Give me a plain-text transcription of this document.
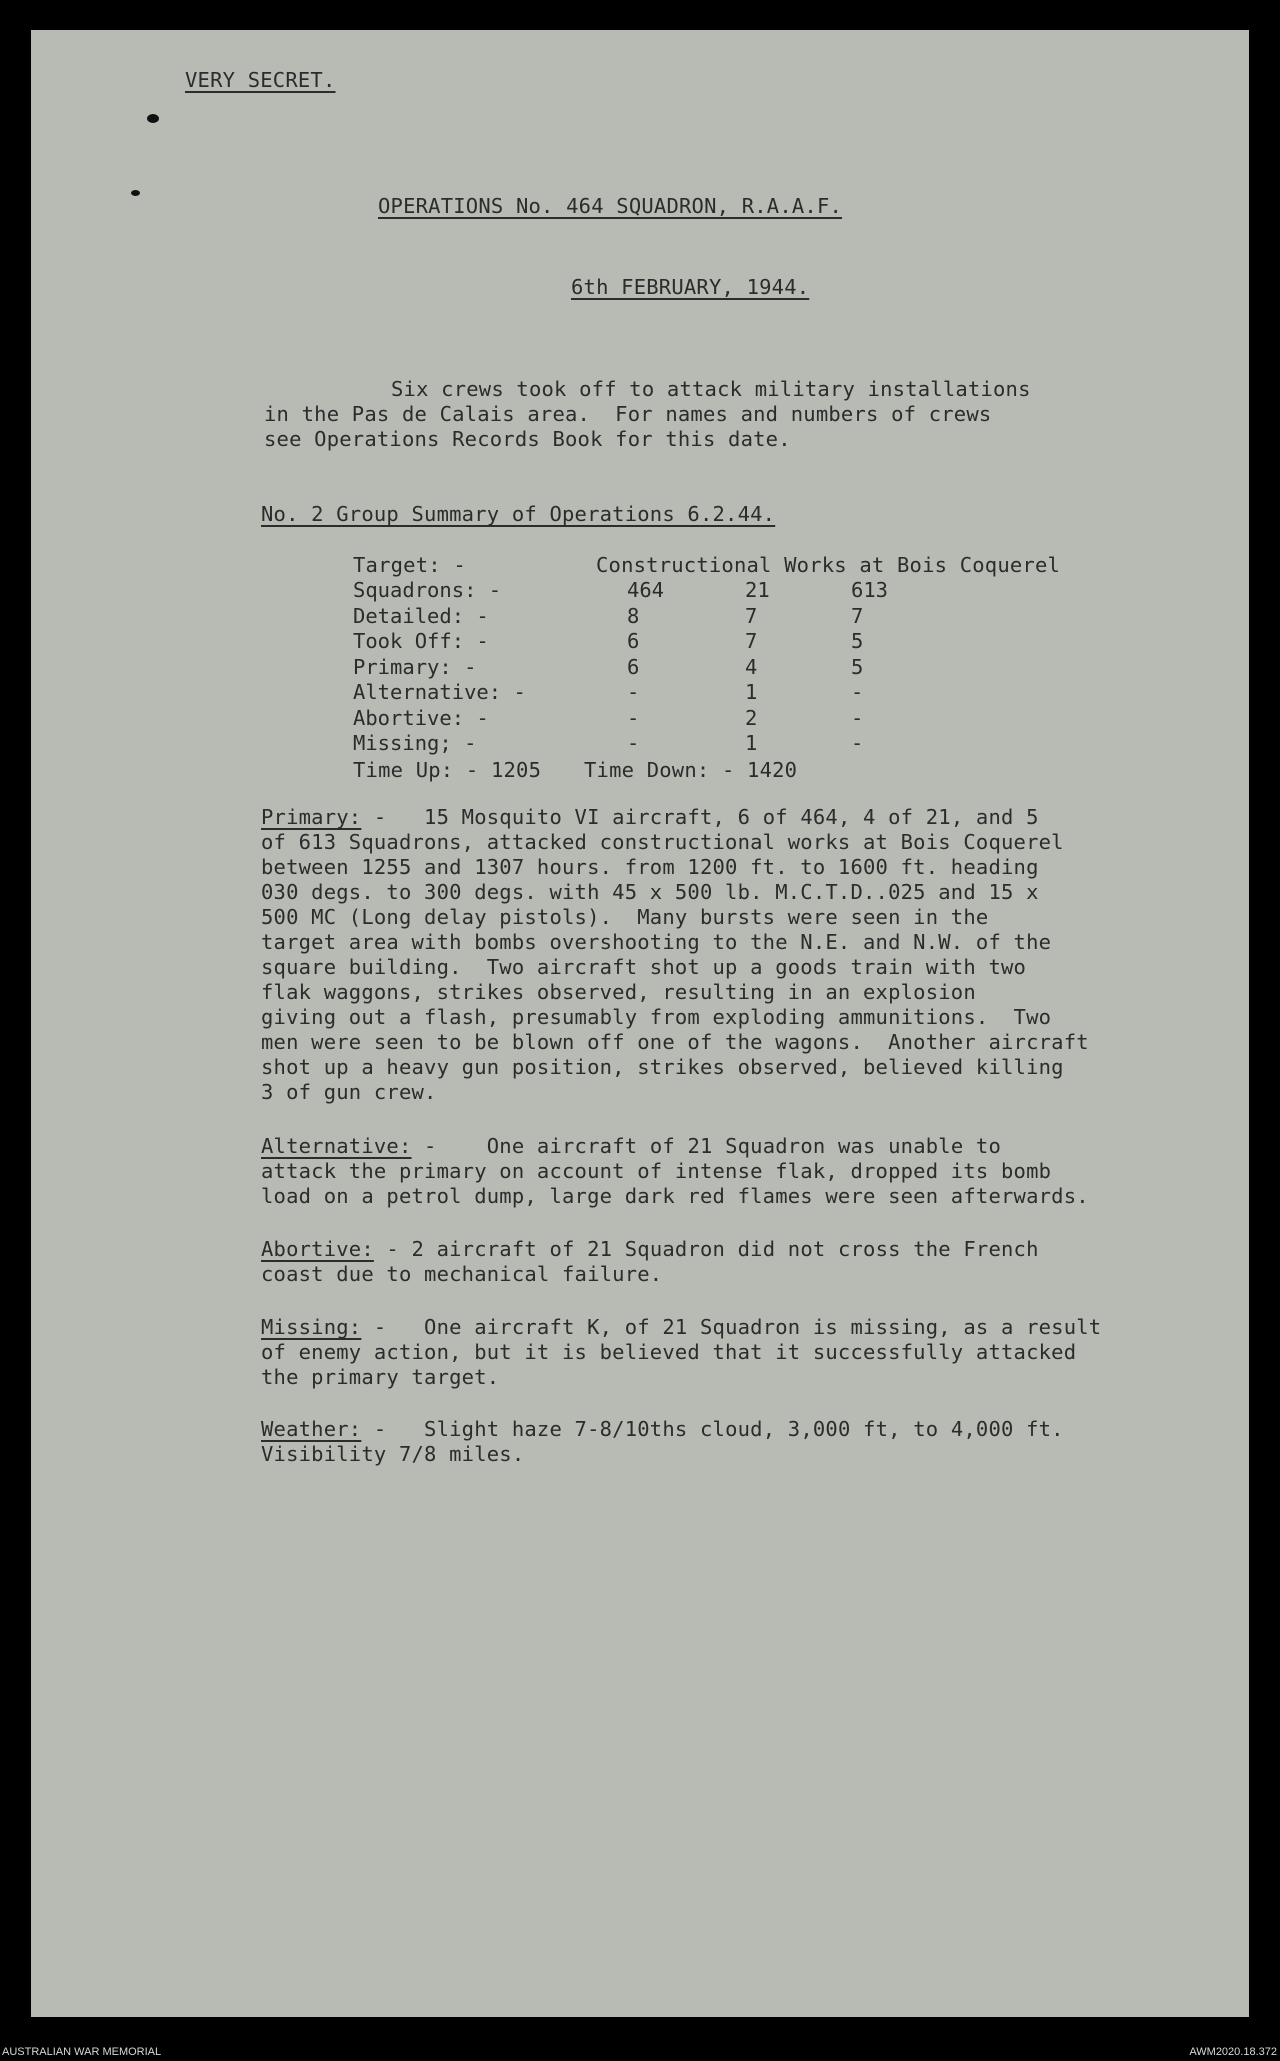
VERY SECRET.
OPERATIONS No. 464 SQUADRON, R.A.A.F.
6th FEBRUARY, 1944.
Six crews took off to attack military installations
in the Pas de Calais area.  For names and numbers of crews
see Operations Records Book for this date.
No. 2 Group Summary of Operations 6.2.44.
Target: -	Constructional Works at Bois Coquerel
Squadrons: -	464	21	613
Detailed: -	8	7	7
Took Off: -	6	7	5
Primary: -	6	4	5
Alternative: -	-	1	-
Abortive: -	-	2	-
Missing; -	-	1	-
Time Up: - 1205 Time Down: - 1420
Primary: -   15 Mosquito VI aircraft, 6 of 464, 4 of 21, and 5
of 613 Squadrons, attacked constructional works at Bois Coquerel
between 1255 and 1307 hours. from 1200 ft. to 1600 ft. heading
030 degs. to 300 degs. with 45 x 500 lb. M.C.T.D..025 and 15 x
500 MC (Long delay pistols).  Many bursts were seen in the
target area with bombs overshooting to the N.E. and N.W. of the
square building.  Two aircraft shot up a goods train with two
flak waggons, strikes observed, resulting in an explosion
giving out a flash, presumably from exploding ammunitions.  Two
men were seen to be blown off one of the wagons.  Another aircraft
shot up a heavy gun position, strikes observed, believed killing
3 of gun crew.
Alternative: -    One aircraft of 21 Squadron was unable to
attack the primary on account of intense flak, dropped its bomb
load on a petrol dump, large dark red flames were seen afterwards.
Abortive: - 2 aircraft of 21 Squadron did not cross the French
coast due to mechanical failure.
Missing: -   One aircraft K, of 21 Squadron is missing, as a result
of enemy action, but it is believed that it successfully attacked
the primary target.
Weather: -   Slight haze 7-8/10ths cloud, 3,000 ft, to 4,000 ft.
Visibility 7/8 miles.
AUSTRALIAN WAR MEMORIAL	AWM2020.18.372
